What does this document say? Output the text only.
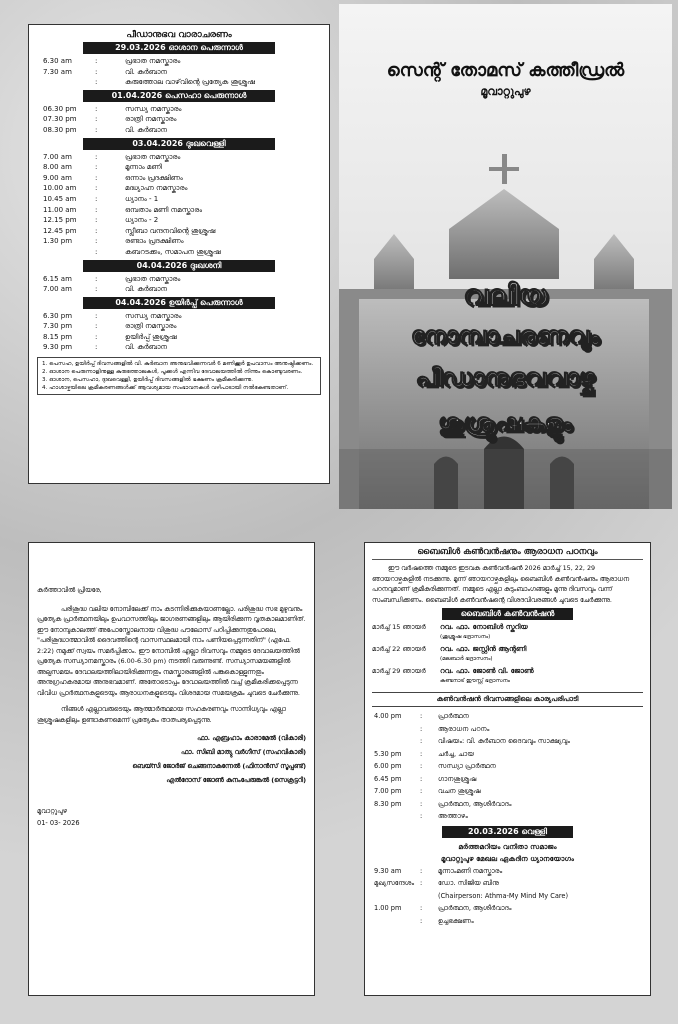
പീഡാനുഭവ വാരാചരണം
29.03.2026 ഓശാന പെരുന്നാൾ
6.30 am	:	പ്രഭാത നമസ്കാരം
7.30 am	:	വി. കുർബാന
:	കുരുത്തോല വാഴ്‌വിന്റെ പ്രത്യേക ശുശ്രൂഷ
01.04.2026 പെസഹാ പെരുന്നാൾ
06.30 pm	:	സന്ധ്യ നമസ്കാരം
07.30 pm	:	രാത്രി നമസ്കാരം
08.30 pm	:	വി. കുർബാന
03.04.2026 ദുഃഖവെള്ളി
7.00 am	:	പ്രഭാത നമസ്കാരം
8.00 am	:	മൂന്നാം മണി
9.00 am	:	ഒന്നാം പ്രദക്ഷിണം
10.00 am	:	മദ്ധ്യാഹ്ന നമസ്കാരം
10.45 am	:	ധ്യാനം - 1
11.00 am	:	ഒമ്പതാം മണി നമസ്കാരം
12.15 pm	:	ധ്യാനം - 2
12.45 pm	:	സ്ലീബാ വന്ദനവിന്റെ ശുശ്രൂഷ
1.30 pm	:	രണ്ടാം പ്രദക്ഷിണം
:	കബറടക്കം, സമാപന ശുശ്രൂഷ
04.04.2026 ദുഃഖശനി
6.15 am	:	പ്രഭാത നമസ്കാരം
7.00 am	:	വി. കുർബാന
04.04.2026 ഉയിർപ്പ് പെരുന്നാൾ
6.30 pm	:	സന്ധ്യ നമസ്കാരം
7.30 pm	:	രാത്രി നമസ്കാരം
8.15 pm	:	ഉയിർപ്പ് ശുശ്രൂഷ
9.30 pm	:	വി. കുർബാന
1. പെസഹ, ഉയിർപ്പ് ദിവസങ്ങളിൽ വി. കുർബാന അനുഭവിക്കുന്നവർ 6 മണിക്കൂർ ഉപവാസം അനുഷ്ഠിക്കണം.
2. ഓശാന പെരുന്നാളിനുള്ള കുരുത്തോലകൾ, പൂക്കൾ എന്നിവ ദേവാലയത്തിൽ നിന്നും കൊണ്ടുവരണം.
3. ഓശാന, പെസഹാ, ദുഃഖവെള്ളി, ഉയിർപ്പ് ദിവസങ്ങളിൽ ഭക്ഷണം ക്രമീകരിക്കുന്നു.
4. ഹാശാഴ്ചയിലെ ക്രമീകരണങ്ങൾക്ക് ആവശ്യമായ സംഭാവനകൾ വഴിപാടായി നൽകേണ്ടതാണ്.
സെന്റ് തോമസ് കത്തീഡ്രൽ
മൂവാറ്റുപുഴ
വലിയ
നോമ്പാചരണവും
പീഡാനുഭവവാഴ്ച
ശുശ്രൂഷകളും
കർത്താവിൽ പ്രിയരേ,

പരിശുദ്ധ വലിയ നോമ്പിലേക്ക് നാം കടന്നിരിക്കുകയാണല്ലോ. പരിശുദ്ധ സഭ മുഴുവനും പ്രത്യേക പ്രാർത്ഥനയിലും ഉപവാസത്തിലും ജാഗരണങ്ങളിലും ആയിരിക്കുന്ന വൃതകാലമാണിത്. ഈ നോമ്പുകാലത്ത് അപോസ്തോലനായ വിശുദ്ധ പൗലോസ് പഠിപ്പിക്കുന്നതുപോലെ, "പരിശുദ്ധാത്മാവിൽ ദൈവത്തിന്റെ വാസസ്ഥലമായി നാം പണിയപ്പെടുന്നതിന്" (എഫേ. 2:22) നമുക്ക് സ്വയം സമർപ്പിക്കാം. ഈ നോമ്പിൽ എല്ലാ ദിവസവും നമ്മുടെ ദേവാലയത്തിൽ പ്രത്യേക സന്ധ്യാനമസ്കാരം (6.00-6.30 pm) നടത്തി വരുന്നുണ്ട്. സന്ധ്യാസമയങ്ങളിൽ അല്പസമയം ദേവാലയത്തിലായിരിക്കുന്നതും നമസ്കാരങ്ങളിൽ പങ്കുകൊള്ളുന്നതും അനുഗ്രഹകരമായ അനുഭവമാണ്. അതോടൊപ്പം ദേവാലയത്തിൽ വച്ച് ക്രമീകരിക്കപ്പെടുന്ന വിവിധ പ്രാർത്ഥനകളുടെയും ആരാധനകളുടെയും വിശദമായ സമയക്രമം ചുവടെ ചേർക്കുന്നു.

നിങ്ങൾ എല്ലാവരുടെയും ആത്മാർത്ഥമായ സഹകരണവും സാന്നിധ്യവും എല്ലാ ശുശ്രൂഷകളിലും ഉണ്ടാകണമെന്ന് പ്രത്യേകം താത്പര്യപ്പെടുന്നു.

ഫാ. എബ്രഹാം കാരാമേൽ (വികാരി)
ഫാ. സിബി മാത്യു വർഗീസ് (സഹവികാരി)
ബെയ്സി ജോർജ് ചെങ്ങനാകുന്നേൽ (ഫിനാൻസ് സൂപ്പണ്ട്)
എൽദോസ് ജോൺ കുനംപേരുങ്കൽ (സെക്രട്ടറി)
മൂവാറ്റുപുഴ
01- 03- 2026
ബൈബിൾ കൺവൻഷനും ആരാധന പഠനവും
ഈ വർഷത്തെ നമ്മുടെ ഇടവക കൺവൻഷൻ 2026 മാർച്ച് 15, 22, 29 ഞായറാഴ്ചകളിൽ നടക്കുന്നു. മൂന്ന് ഞായറാഴ്ചകളിലും ബൈബിൾ കൺവൻഷനും ആരാധന പഠനവുമാണ് ക്രമീകരിക്കുന്നത്. നമ്മുടെ എല്ലാ കുടുംബാംഗങ്ങളും മൂന്നു ദിവസവും വന്ന് സംബന്ധിക്കണം. ബൈബിൾ കൺവൻഷന്റെ വിശദവിവരങ്ങൾ ചുവടെ ചേർക്കുന്നു.
ബൈബിൾ കൺവൻഷൻ
മാർച്ച് 15 ഞായർ	റവ. ഫാ. നോബിൾ സ്കറിയ
(ശുശ്രൂഷ ഭദ്രാസനം)
മാർച്ച് 22 ഞായർ	റവ. ഫാ. ജസ്റ്റിൻ ആന്റണി
(മലബാർ ഭദ്രാസനം)
മാർച്ച് 29 ഞായർ	റവ. ഫാ. ജോൺ വി. ജോൺ
കണ്ടനാട് ഈസ്റ്റ് ഭദ്രാസനം
കൺവൻഷൻ ദിവസങ്ങളിലെ കാര്യപരിപാടി
4.00 pm	:	പ്രാർത്ഥന
:	ആരാധന പഠനം
:	വിഷയം: വി. കുർബാന ദൈവവും സാക്ഷ്യവും
5.30 pm	:	ചർച്ച, ചായ
6.00 pm	:	സന്ധ്യാ പ്രാർത്ഥന
6.45 pm	:	ഗാനശുശ്രൂഷ
7.00 pm	:	വചന ശുശ്രൂഷ
8.30 pm	:	പ്രാർത്ഥന, ആശീർവാദം
:	അത്താഴം
20.03.2026 വെള്ളി
മർത്തമറിയം വനിതാ സമാജം
മൂവാറ്റുപുഴ മേഖല ഏകദിന ധ്യാനയോഗം
9.30 am	:	മൂന്നാംമണി നമസ്കാരം
മുഖ്യസന്ദേശം :	ഡോ. സിജിയ ബിനു
(Chairperson: Athma-My Mind My Care)
1.00 pm	:	പ്രാർത്ഥന, ആശീർവാദം
:	ഉച്ചഭക്ഷണം
